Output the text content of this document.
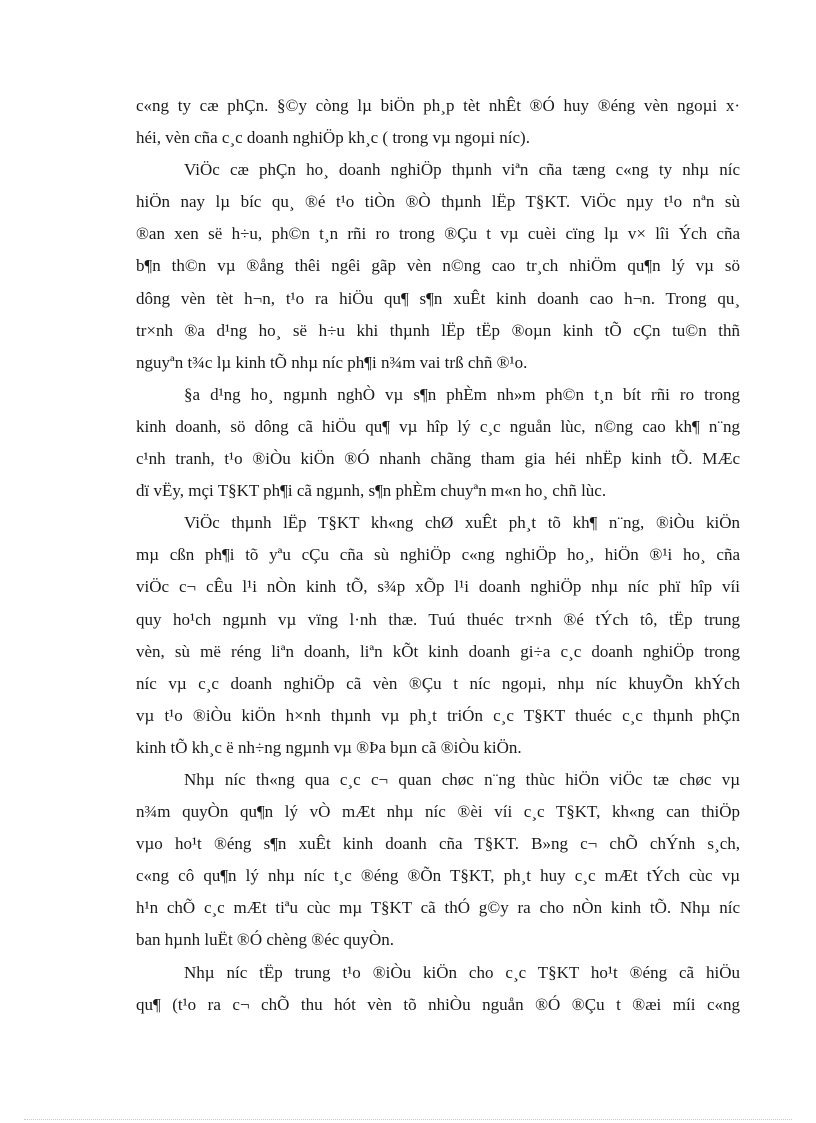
c«ng ty cæ phÇn. §©y còng lµ biÖn ph¸p tèt nhÊt ®Ó huy ®éng vèn ngoµi x·
héi, vèn cña c¸c doanh nghiÖp kh¸c ( trong vµ ngoµi níc).
ViÖc cæ phÇn ho¸ doanh nghiÖp thµnh viªn cña tæng c«ng ty nhµ níc
hiÖn nay lµ bíc qu¸ ®é t¹o tiÒn ®Ò thµnh lËp T§KT. ViÖc nµy t¹o nªn sù
®an xen së h÷u, ph©n t¸n rñi ro trong ®Çu t vµ cuèi cïng lµ v× lîi Ých cña
b¶n th©n vµ ®ång thêi ngêi gãp vèn n©ng cao tr¸ch nhiÖm qu¶n lý vµ sö
dông vèn tèt h¬n, t¹o ra hiÖu qu¶ s¶n xuÊt kinh doanh cao h¬n. Trong qu¸
tr×nh ®a d¹ng ho¸ së h÷u khi thµnh lËp tËp ®oµn kinh tÕ cÇn tu©n thñ
nguyªn t¾c lµ kinh tÕ nhµ níc ph¶i n¾m vai trß chñ ®¹o.
§a d¹ng ho¸ ngµnh nghÒ vµ s¶n phÈm nh»m ph©n t¸n bít rñi ro trong
kinh doanh, sö dông cã hiÖu qu¶ vµ hîp lý c¸c nguån lùc, n©ng cao kh¶ n¨ng
c¹nh tranh, t¹o ®iÒu kiÖn ®Ó nhanh chãng tham gia héi nhËp kinh tÕ. MÆc
dï vËy, mçi T§KT ph¶i cã ngµnh, s¶n phÈm chuyªn m«n ho¸ chñ lùc.
ViÖc thµnh lËp T§KT kh«ng chØ xuÊt ph¸t tõ kh¶ n¨ng, ®iÒu kiÖn
mµ cßn ph¶i tõ yªu cÇu cña sù nghiÖp c«ng nghiÖp ho¸, hiÖn ®¹i ho¸ cña
viÖc c¬ cÊu l¹i nÒn kinh tÕ, s¾p xÕp l¹i doanh nghiÖp nhµ níc phï hîp víi
quy ho¹ch ngµnh vµ vïng l·nh thæ. Tuú thuéc tr×nh ®é tÝch tô, tËp trung
vèn, sù më réng liªn doanh, liªn kÕt kinh doanh gi÷a c¸c doanh nghiÖp trong
níc vµ c¸c doanh nghiÖp cã vèn ®Çu t níc ngoµi, nhµ níc khuyÕn khÝch
vµ t¹o ®iÒu kiÖn h×nh thµnh vµ ph¸t triÓn c¸c T§KT thuéc c¸c thµnh phÇn
kinh tÕ kh¸c ë nh÷ng ngµnh vµ ®Þa bµn cã ®iÒu kiÖn.
Nhµ níc th«ng qua c¸c c¬ quan chøc n¨ng thùc hiÖn viÖc tæ chøc vµ
n¾m quyÒn qu¶n lý vÒ mÆt nhµ níc ®èi víi c¸c T§KT, kh«ng can thiÖp
vµo ho¹t ®éng s¶n xuÊt kinh doanh cña T§KT. B»ng c¬ chÕ chÝnh s¸ch,
c«ng cô qu¶n lý nhµ níc t¸c ®éng ®Õn T§KT, ph¸t huy c¸c mÆt tÝch cùc vµ
h¹n chÕ c¸c mÆt tiªu cùc mµ T§KT cã thÓ g©y ra cho nÒn kinh tÕ. Nhµ níc
ban hµnh luËt ®Ó chèng ®éc quyÒn.
Nhµ níc tËp trung t¹o ®iÒu kiÖn cho c¸c T§KT ho¹t ®éng cã hiÖu
qu¶ (t¹o ra c¬ chÕ thu hót vèn tõ nhiÒu nguån ®Ó ®Çu t ®æi míi c«ng
